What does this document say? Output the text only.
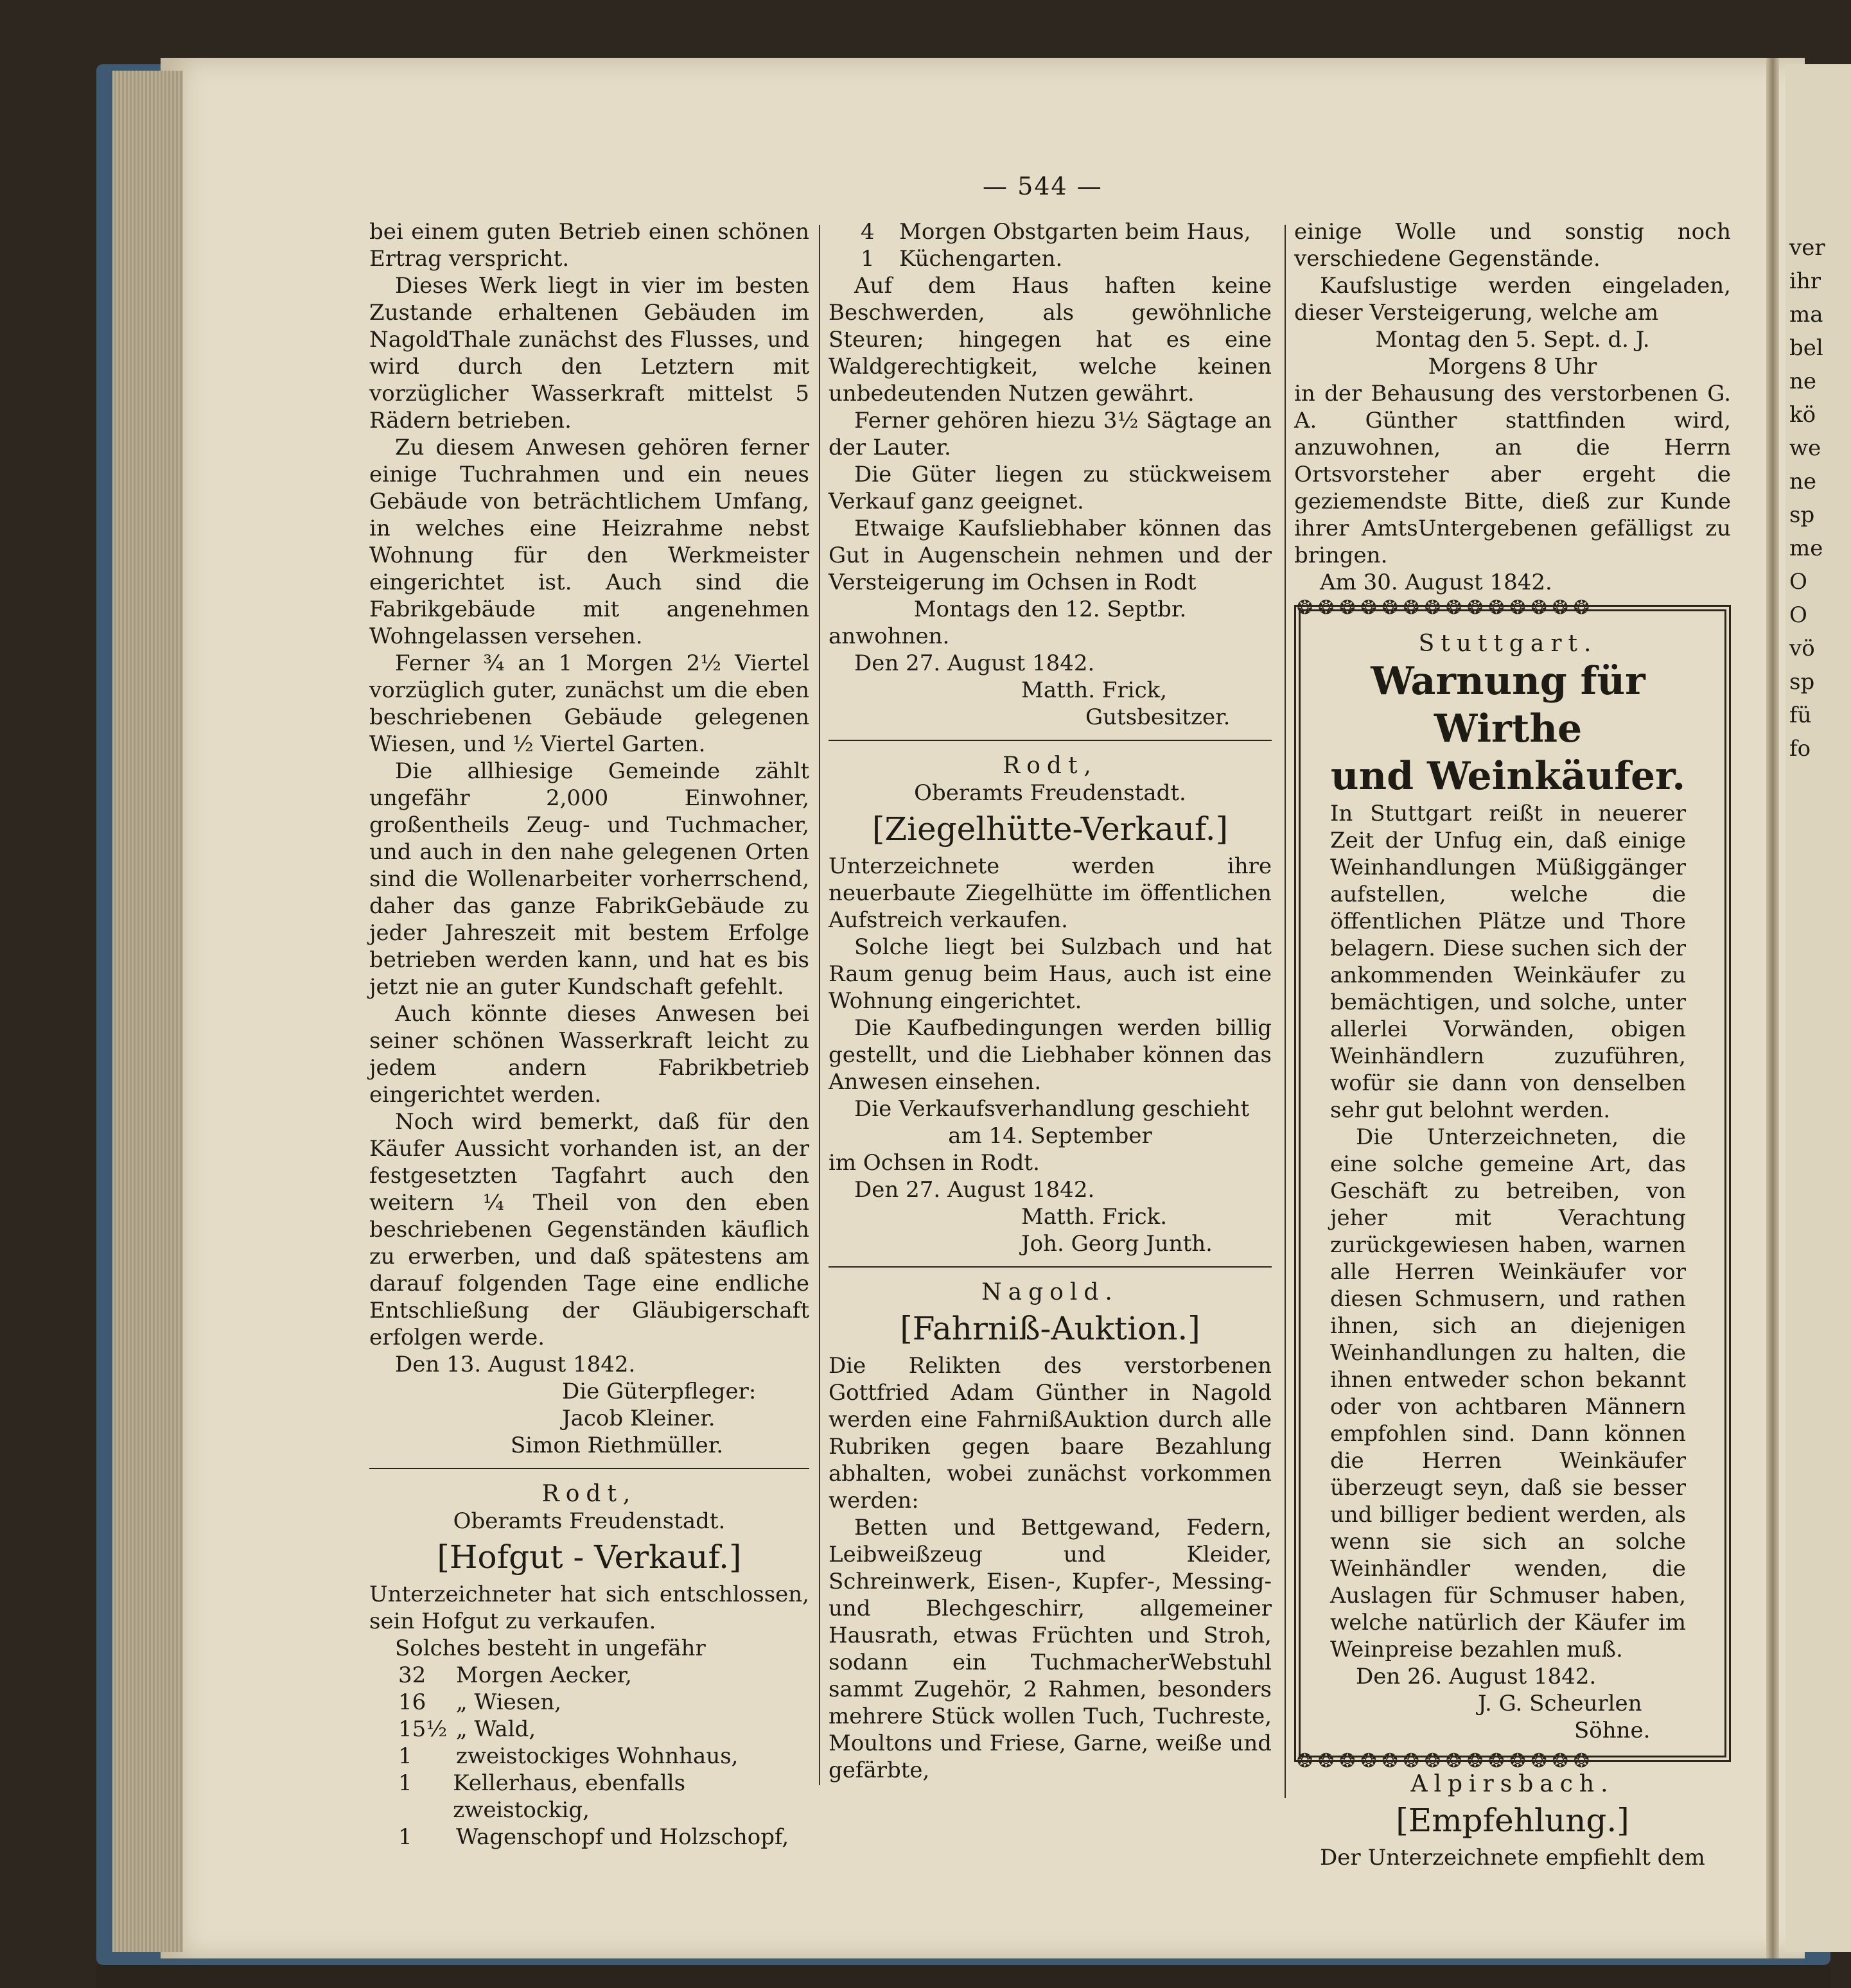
ver
ihr
ma
bel
ne
kö
we
ne
sp
me
O
O
vö
sp
fü
fo
— 544 —

bei einem guten Betrieb einen schönen Ertrag verspricht.

Dieses Werk liegt in vier im besten Zustande erhaltenen Gebäuden im NagoldThale zunächst des Flusses, und wird durch den Letztern mit vorzüglicher Wasserkraft mittelst 5 Rädern betrieben.

Zu diesem Anwesen gehören ferner einige Tuchrahmen und ein neues Gebäude von beträchtlichem Umfang, in welches eine Heizrahme nebst Wohnung für den Werkmeister eingerichtet ist. Auch sind die Fabrikgebäude mit angenehmen Wohngelassen versehen.

Ferner ¾ an 1 Morgen 2½ Viertel vorzüglich guter, zunächst um die eben beschriebenen Gebäude gelegenen Wiesen, und ½ Viertel Garten.

Die allhiesige Gemeinde zählt ungefähr 2,000 Einwohner, großentheils Zeug- und Tuchmacher, und auch in den nahe gelegenen Orten sind die Wollenarbeiter vorherrschend, daher das ganze FabrikGebäude zu jeder Jahreszeit mit bestem Erfolge betrieben werden kann, und hat es bis jetzt nie an guter Kundschaft gefehlt.

Auch könnte dieses Anwesen bei seiner schönen Wasserkraft leicht zu jedem andern Fabrikbetrieb eingerichtet werden.

Noch wird bemerkt, daß für den Käufer Aussicht vorhanden ist, an der festgesetzten Tagfahrt auch den weitern ¼ Theil von den eben beschriebenen Gegenständen käuflich zu erwerben, und daß spätestens am darauf folgenden Tage eine endliche Entschließung der Gläubigerschaft erfolgen werde.

Den 13. August 1842.

Die Güterpfleger:

Jacob Kleiner.

Simon Riethmüller.

Rodt,

Oberamts Freudenstadt.

[Hofgut - Verkauf.]

Unterzeichneter hat sich entschlossen, sein Hofgut zu verkaufen.

Solches besteht in ungefähr

32	Morgen Aecker,
16	„ Wiesen,
15½ „ Wald,
1	zweistockiges Wohnhaus,
1	Kellerhaus, ebenfalls zweistockig,
1	Wagenschopf und Holzschopf,
4	Morgen Obstgarten beim Haus,
1	Küchengarten.

Auf dem Haus haften keine Beschwerden, als gewöhnliche Steuren; hingegen hat es eine Waldgerechtigkeit, welche keinen unbedeutenden Nutzen gewährt.

Ferner gehören hiezu 3½ Sägtage an der Lauter.

Die Güter liegen zu stückweisem Verkauf ganz geeignet.

Etwaige Kaufsliebhaber können das Gut in Augenschein nehmen und der Versteigerung im Ochsen in Rodt

Montags den 12. Septbr.

anwohnen.

Den 27. August 1842.

Matth. Frick,

Gutsbesitzer.

Rodt,

Oberamts Freudenstadt.

[Ziegelhütte-Verkauf.]

Unterzeichnete werden ihre neuerbaute Ziegelhütte im öffentlichen Aufstreich verkaufen.

Solche liegt bei Sulzbach und hat Raum genug beim Haus, auch ist eine Wohnung eingerichtet.

Die Kaufbedingungen werden billig gestellt, und die Liebhaber können das Anwesen einsehen.

Die Verkaufsverhandlung geschieht

am 14. September

im Ochsen in Rodt.

Den 27. August 1842.

Matth. Frick.

Joh. Georg Junth.

Nagold.
[Fahrniß-Auktion.]

Die Relikten des verstorbenen Gottfried Adam Günther in Nagold werden eine FahrnißAuktion durch alle Rubriken gegen baare Bezahlung abhalten, wobei zunächst vorkommen werden:

Betten und Bettgewand, Federn, Leibweißzeug und Kleider, Schreinwerk, Eisen-, Kupfer-, Messing- und Blechgeschirr, allgemeiner Hausrath, etwas Früchten und Stroh, sodann ein TuchmacherWebstuhl sammt Zugehör, 2 Rahmen, besonders mehrere Stück wollen Tuch, Tuchreste, Moultons und Friese, Garne, weiße und gefärbte,

einige Wolle und sonstig noch verschiedene Gegenstände.

Kaufslustige werden eingeladen, dieser Versteigerung, welche am

Montag den 5. Sept. d. J.

Morgens 8 Uhr

in der Behausung des verstorbenen G. A. Günther stattfinden wird, anzuwohnen, an die Herrn Ortsvorsteher aber ergeht die geziemendste Bitte, dieß zur Kunde ihrer AmtsUntergebenen gefälligst zu bringen.

Am 30. August 1842.

❂❂❂❂❂❂❂❂❂❂❂❂❂❂
Stuttgart.
Warnung für Wirthe
und Weinkäufer.

In Stuttgart reißt in neuerer Zeit der Unfug ein, daß einige Weinhandlungen Müßiggänger aufstellen, welche die öffentlichen Plätze und Thore belagern. Diese suchen sich der ankommenden Weinkäufer zu bemächtigen, und solche, unter allerlei Vorwänden, obigen Weinhändlern zuzuführen, wofür sie dann von denselben sehr gut belohnt werden.

Die Unterzeichneten, die eine solche gemeine Art, das Geschäft zu betreiben, von jeher mit Verachtung zurückgewiesen haben, warnen alle Herren Weinkäufer vor diesen Schmusern, und rathen ihnen, sich an diejenigen Weinhandlungen zu halten, die ihnen entweder schon bekannt oder von achtbaren Männern empfohlen sind. Dann können die Herren Weinkäufer überzeugt seyn, daß sie besser und billiger bedient werden, als wenn sie sich an solche Weinhändler wenden, die Auslagen für Schmuser haben, welche natürlich der Käufer im Weinpreise bezahlen muß.

Den 26. August 1842.

J. G. Scheurlen

Söhne.

❂❂❂❂❂❂❂❂❂❂❂❂❂❂
Alpirsbach.
[Empfehlung.]

Der Unterzeichnete empfiehlt dem
